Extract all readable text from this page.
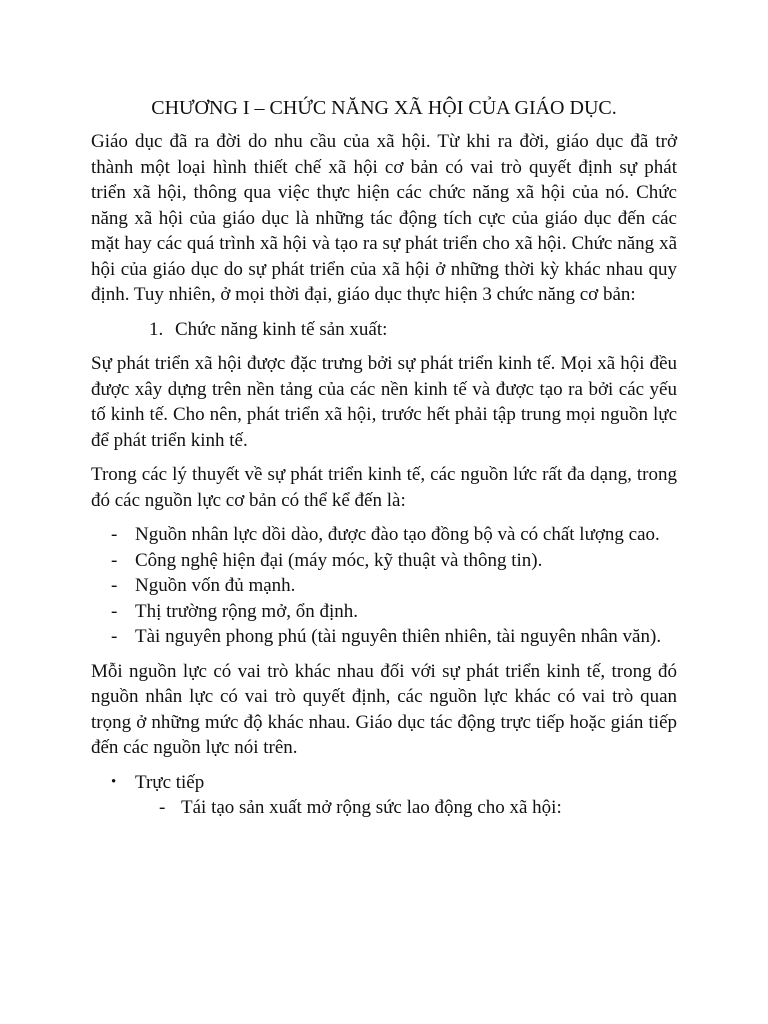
CHƯƠNG I – CHỨC NĂNG XÃ HỘI CỦA GIÁO DỤC.

Giáo dục đã ra đời do nhu cầu của xã hội. Từ khi ra đời, giáo dục đã trở thành một loại hình thiết chế xã hội cơ bản có vai trò quyết định sự phát triển xã hội, thông qua việc thực hiện các chức năng xã hội của nó. Chức năng xã hội của giáo dục là những tác động tích cực của giáo dục đến các mặt hay các quá trình xã hội và tạo ra sự phát triển cho xã hội. Chức năng xã hội của giáo dục do sự phát triển của xã hội ở những thời kỳ khác nhau quy định. Tuy nhiên, ở mọi thời đại, giáo dục thực hiện 3 chức năng cơ bản:

1. Chức năng kinh tế sản xuất:

Sự phát triển xã hội được đặc trưng bởi sự phát triển kinh tế. Mọi xã hội đều được xây dựng trên nền tảng của các nền kinh tế và được tạo ra bởi các yếu tố kinh tế. Cho nên, phát triển xã hội, trước hết phải tập trung mọi nguồn lực để phát triển kinh tế.

Trong các lý thuyết về sự phát triển kinh tế, các nguồn lức rất đa dạng, trong đó các nguồn lực cơ bản có thể kể đến là:

- Nguồn nhân lực dồi dào, được đào tạo đồng bộ và có chất lượng cao.
- Công nghệ hiện đại (máy móc, kỹ thuật và thông tin).
- Nguồn vốn đủ mạnh.
- Thị trường rộng mở, ổn định.
- Tài nguyên phong phú (tài nguyên thiên nhiên, tài nguyên nhân văn).

Mỗi nguồn lực có vai trò khác nhau đối với sự phát triển kinh tế, trong đó nguồn nhân lực có vai trò quyết định, các nguồn lực khác có vai trò quan trọng ở những mức độ khác nhau. Giáo dục tác động trực tiếp hoặc gián tiếp đến các nguồn lực nói trên.

• Trực tiếp
- Tái tạo sản xuất mở rộng sức lao động cho xã hội:
